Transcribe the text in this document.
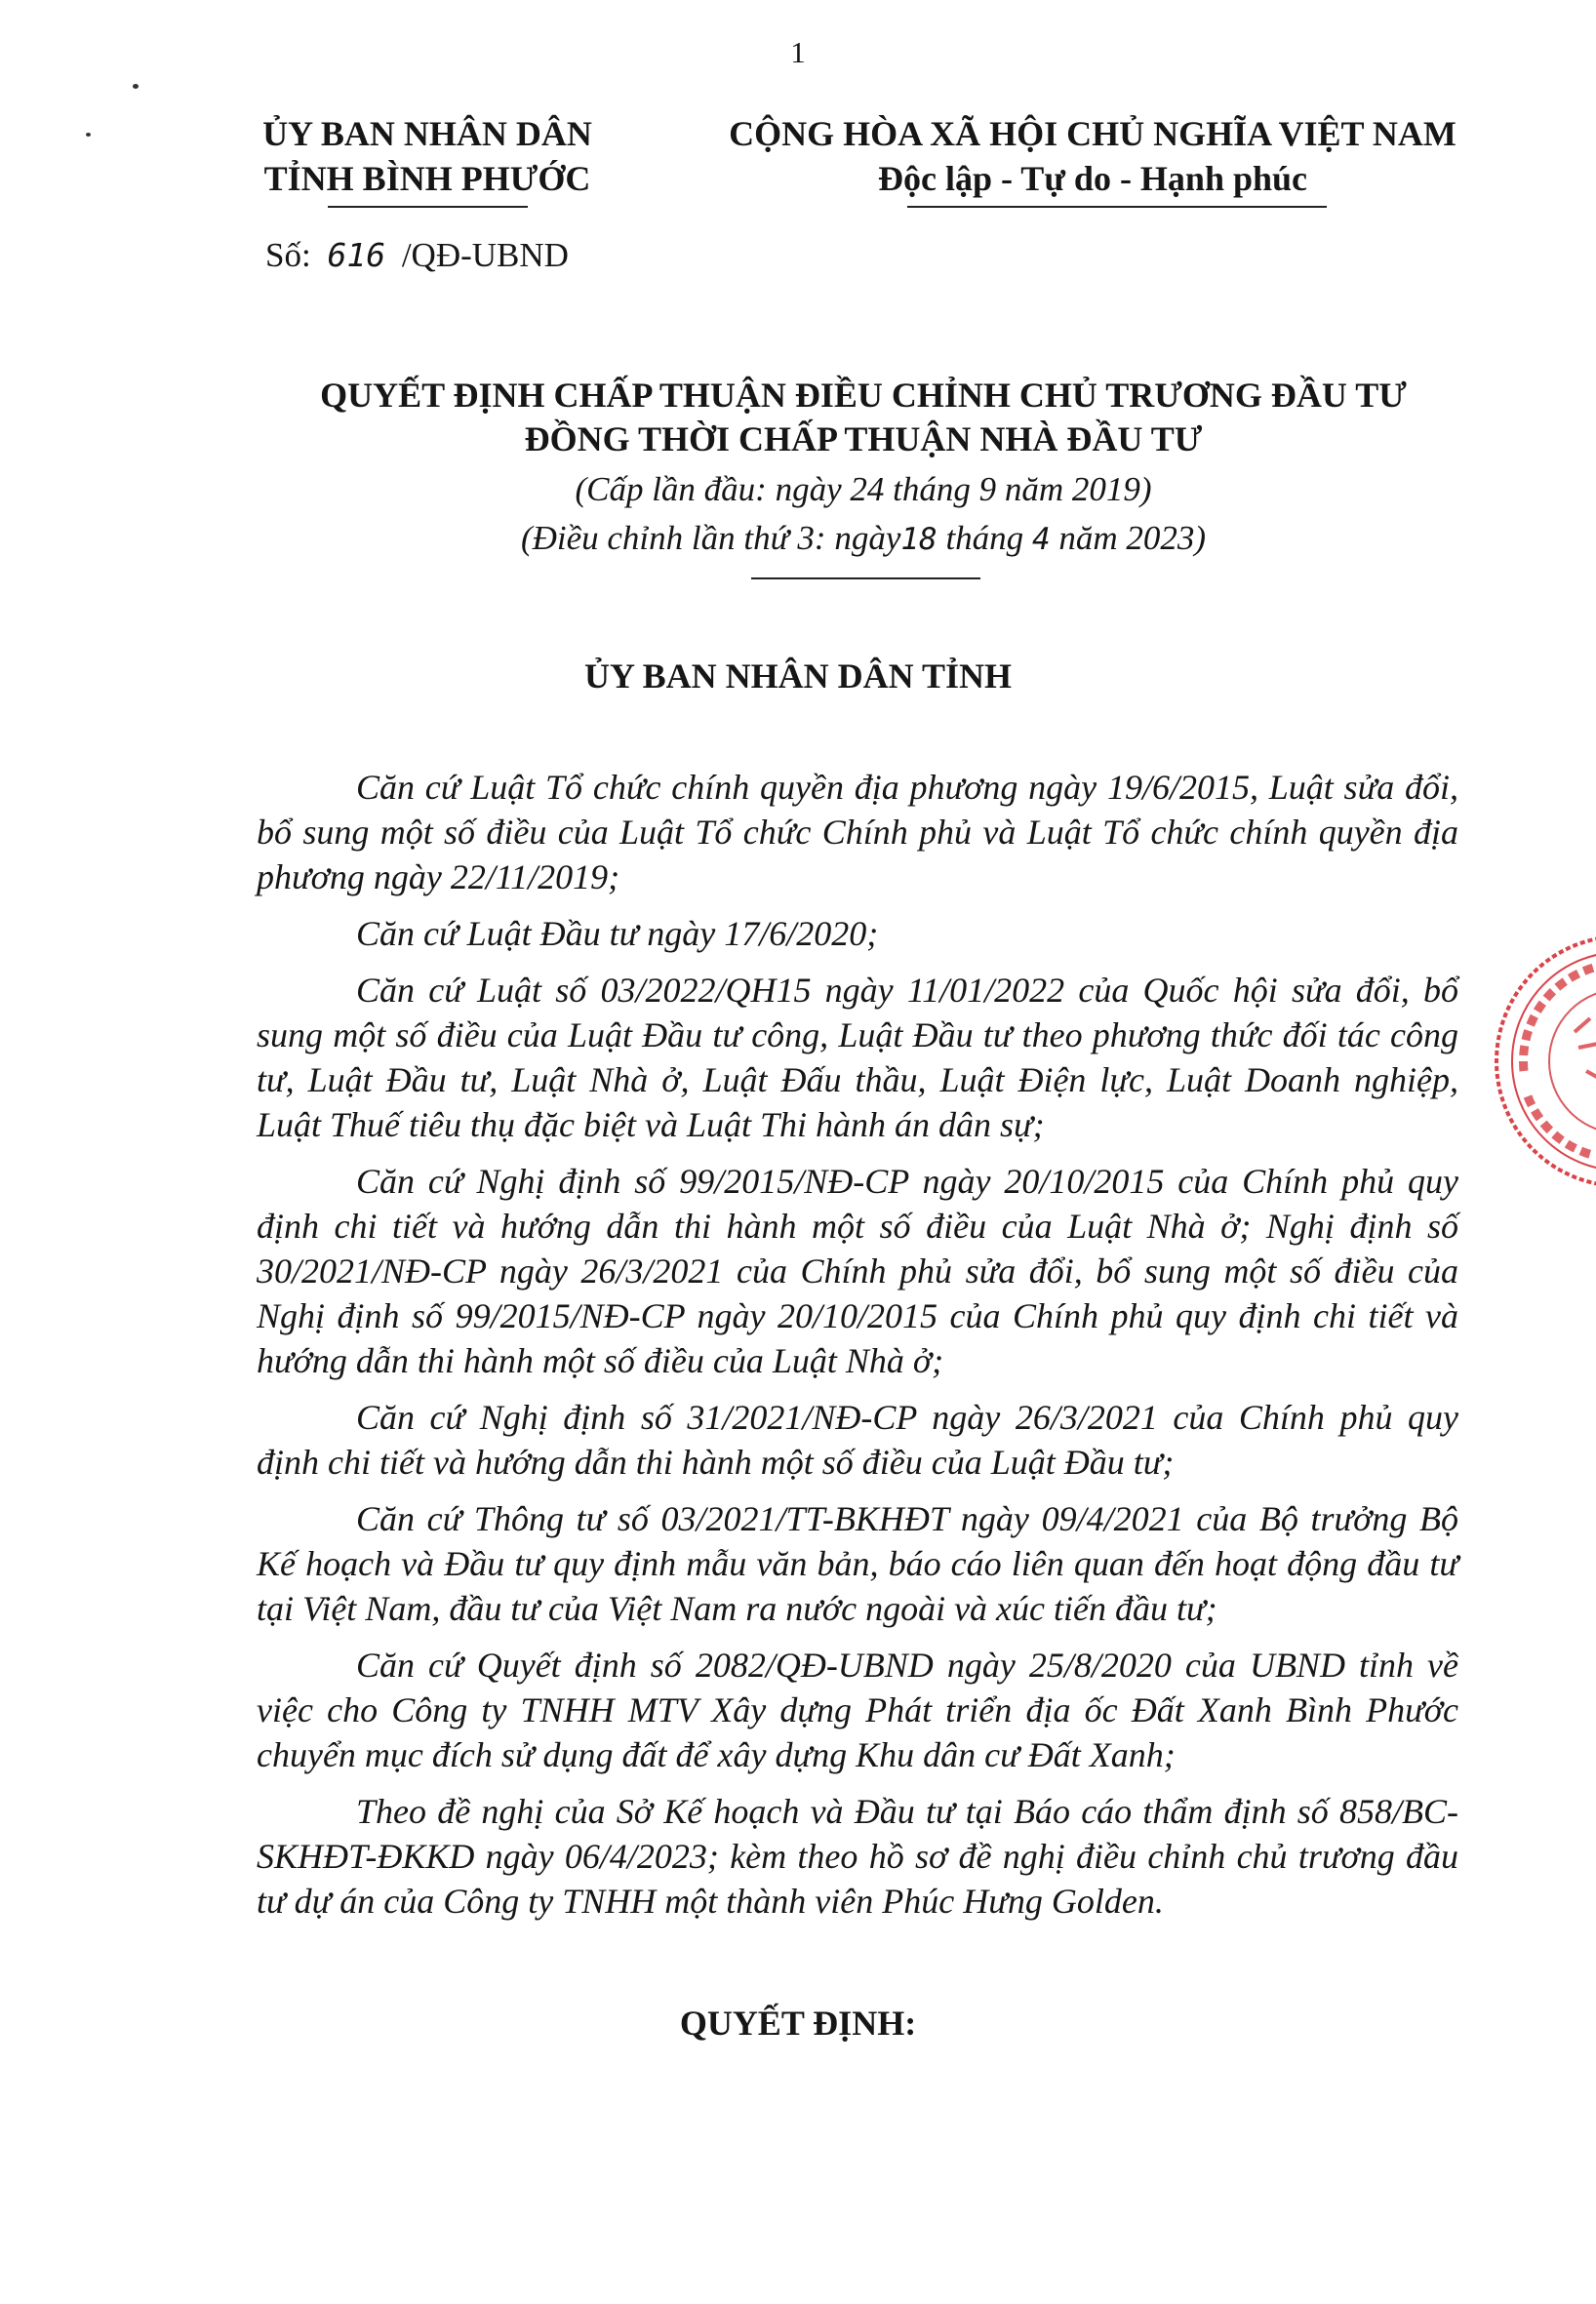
1
ỦY BAN NHÂN DÂN
TỈNH BÌNH PHƯỚC
CỘNG HÒA XÃ HỘI CHỦ NGHĨA VIỆT NAM
Độc lập - Tự do - Hạnh phúc
Số: 616 /QĐ-UBND
QUYẾT ĐỊNH CHẤP THUẬN ĐIỀU CHỈNH CHỦ TRƯƠNG ĐẦU TƯ
ĐỒNG THỜI CHẤP THUẬN NHÀ ĐẦU TƯ
(Cấp lần đầu: ngày 24 tháng 9 năm 2019)
(Điều chỉnh lần thứ 3: ngày18 tháng 4 năm 2023)
ỦY BAN NHÂN DÂN TỈNH

Căn cứ Luật Tổ chức chính quyền địa phương ngày 19/6/2015, Luật sửa đổi, bổ sung một số điều của Luật Tổ chức Chính phủ và Luật Tổ chức chính quyền địa phương ngày 22/11/2019;

Căn cứ Luật Đầu tư ngày 17/6/2020;

Căn cứ Luật số 03/2022/QH15 ngày 11/01/2022 của Quốc hội sửa đổi, bổ sung một số điều của Luật Đầu tư công, Luật Đầu tư theo phương thức đối tác công tư, Luật Đầu tư, Luật Nhà ở, Luật Đấu thầu, Luật Điện lực, Luật Doanh nghiệp, Luật Thuế tiêu thụ đặc biệt và Luật Thi hành án dân sự;

Căn cứ Nghị định số 99/2015/NĐ-CP ngày 20/10/2015 của Chính phủ quy định chi tiết và hướng dẫn thi hành một số điều của Luật Nhà ở; Nghị định số 30/2021/NĐ-CP ngày 26/3/2021 của Chính phủ sửa đổi, bổ sung một số điều của Nghị định số 99/2015/NĐ-CP ngày 20/10/2015 của Chính phủ quy định chi tiết và hướng dẫn thi hành một số điều của Luật Nhà ở;

Căn cứ Nghị định số 31/2021/NĐ-CP ngày 26/3/2021 của Chính phủ quy định chi tiết và hướng dẫn thi hành một số điều của Luật Đầu tư;

Căn cứ Thông tư số 03/2021/TT-BKHĐT ngày 09/4/2021 của Bộ trưởng Bộ Kế hoạch và Đầu tư quy định mẫu văn bản, báo cáo liên quan đến hoạt động đầu tư tại Việt Nam, đầu tư của Việt Nam ra nước ngoài và xúc tiến đầu tư;

Căn cứ Quyết định số 2082/QĐ-UBND ngày 25/8/2020 của UBND tỉnh về việc cho Công ty TNHH MTV Xây dựng Phát triển địa ốc Đất Xanh Bình Phước chuyển mục đích sử dụng đất để xây dựng Khu dân cư Đất Xanh;

Theo đề nghị của Sở Kế hoạch và Đầu tư tại Báo cáo thẩm định số 858/BC-SKHĐT-ĐKKD ngày 06/4/2023; kèm theo hồ sơ đề nghị điều chỉnh chủ trương đầu tư dự án của Công ty TNHH một thành viên Phúc Hưng Golden.

QUYẾT ĐỊNH:
